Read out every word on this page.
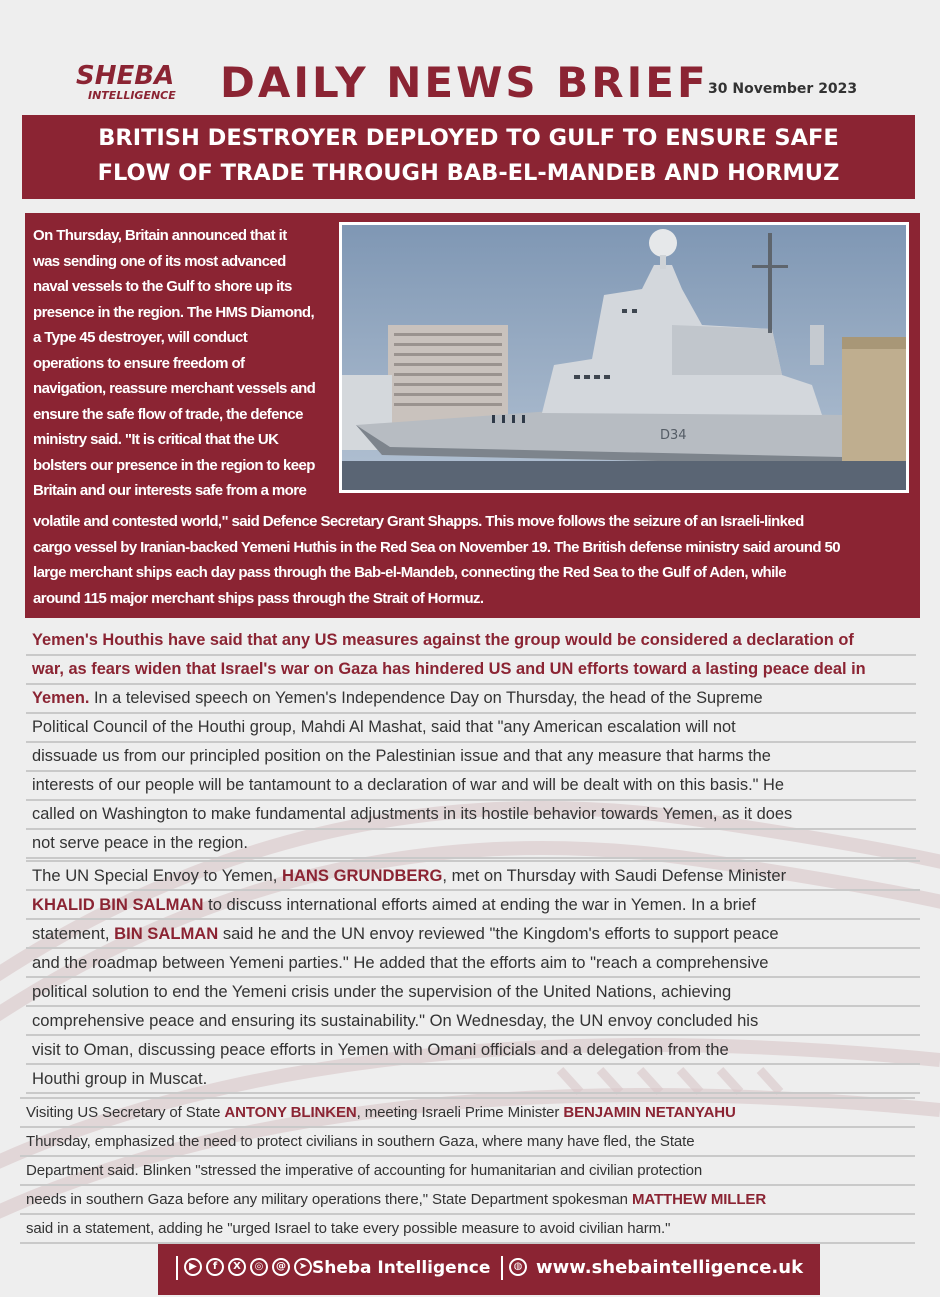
SHEBA
INTELLIGENCE DAILY NEWS BRIEF 30 November 2023
BRITISH DESTROYER DEPLOYED TO GULF TO ENSURE SAFE
FLOW OF TRADE THROUGH BAB-EL-MANDEB AND HORMUZ
On Thursday, Britain announced that it
was sending one of its most advanced
naval vessels to the Gulf to shore up its
presence in the region. The HMS Diamond,
a Type 45 destroyer, will conduct
operations to ensure freedom of
navigation, reassure merchant vessels and
ensure the safe flow of trade, the defence
ministry said. "It is critical that the UK
bolsters our presence in the region to keep
Britain and our interests safe from a more
D34
volatile and contested world," said Defence Secretary Grant Shapps. This move follows the seizure of an Israeli-linked
cargo vessel by Iranian-backed Yemeni Huthis in the Red Sea on November 19. The British defense ministry said around 50
large merchant ships each day pass through the Bab-el-Mandeb, connecting the Red Sea to the Gulf of Aden, while
around 115 major merchant ships pass through the Strait of Hormuz.
Yemen's Houthis have said that any US measures against the group would be considered a declaration of
war, as fears widen that Israel's war on Gaza has hindered US and UN efforts toward a lasting peace deal in
Yemen. In a televised speech on Yemen's Independence Day on Thursday, the head of the Supreme
Political Council of the Houthi group, Mahdi Al Mashat, said that "any American escalation will not
dissuade us from our principled position on the Palestinian issue and that any measure that harms the
interests of our people will be tantamount to a declaration of war and will be dealt with on this basis." He
called on Washington to make fundamental adjustments in its hostile behavior towards Yemen, as it does
not serve peace in the region.
The UN Special Envoy to Yemen, HANS GRUNDBERG, met on Thursday with Saudi Defense Minister
KHALID BIN SALMAN to discuss international efforts aimed at ending the war in Yemen. In a brief
statement, BIN SALMAN said he and the UN envoy reviewed "the Kingdom's efforts to support peace
and the roadmap between Yemeni parties." He added that the efforts aim to "reach a comprehensive
political solution to end the Yemeni crisis under the supervision of the United Nations, achieving
comprehensive peace and ensuring its sustainability." On Wednesday, the UN envoy concluded his
visit to Oman, discussing peace efforts in Yemen with Omani officials and a delegation from the
Houthi group in Muscat.
Visiting US Secretary of State ANTONY BLINKEN, meeting Israeli Prime Minister BENJAMIN NETANYAHU
Thursday, emphasized the need to protect civilians in southern Gaza, where many have fled, the State
Department said. Blinken "stressed the imperative of accounting for humanitarian and civilian protection
needs in southern Gaza before any military operations there," State Department spokesman MATTHEW MILLER
said in a statement, adding he "urged Israel to take every possible measure to avoid civilian harm."
▶	f	X	◎	@	➤ Sheba Intelligence	◍ www.shebaintelligence.uk
